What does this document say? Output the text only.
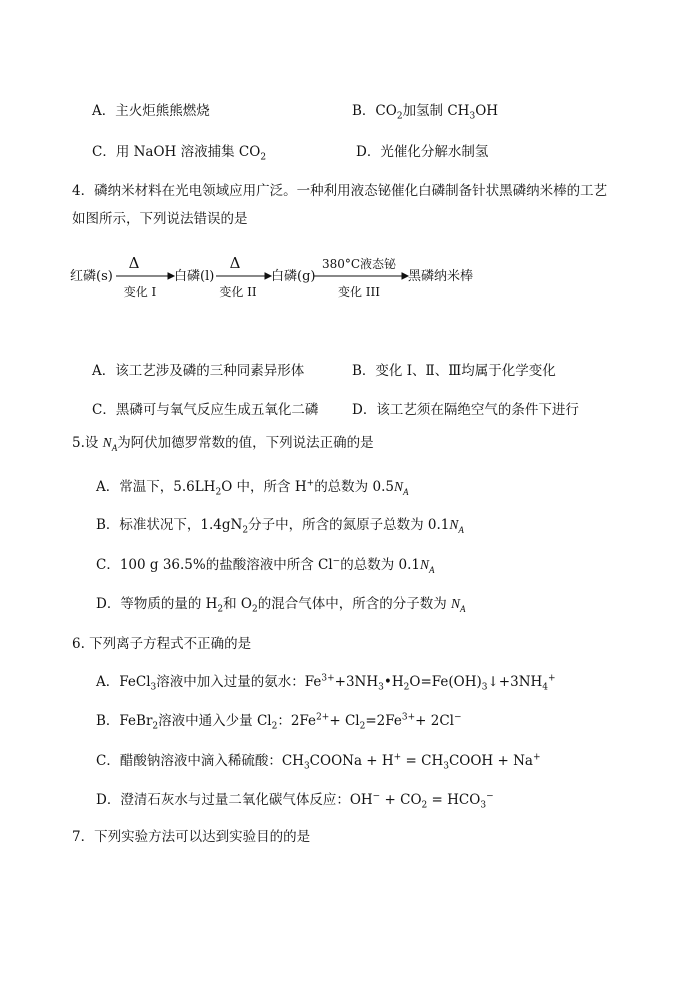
A．主火炬熊熊燃烧	B．$CO_2$加氢制 $CH_3OH$
C．用 NaOH 溶液捕集 $CO_2$	D．光催化分解水制氢
4．磷纳米材料在光电领域应用广泛。一种利用液态铋催化白磷制备针状黑磷纳米棒的工艺
如图所示，下列说法错误的是
红磷(s)	白磷(l)	白磷(g)	黑磷纳米棒
Δ
变化 I
Δ
变化 II
380°C液态铋
变化 III
A．该工艺涉及磷的三种同素异形体	B．变化 I、Ⅱ、Ⅲ均属于化学变化
C．黑磷可与氧气反应生成五氧化二磷 D．该工艺须在隔绝空气的条件下进行
5.设 $N_A$为阿伏加德罗常数的值，下列说法正确的是
A．常温下，$5.6LH_2O$ 中，所含 H+的总数为 $0.5N_A$
B．标准状况下，$1.4gN_2$分子中，所含的氮原子总数为 $0.1N_A$
C．100 g 36.5%的盐酸溶液中所含 Cl−的总数为 $0.1N_A$
D．等物质的量的 $H_2$和 $O_2$的混合气体中，所含的分子数为 $N_A$
6. 下列离子方程式不正确的是
A．FeCl$_3$溶液中加入过量的氨水：$Fe^{3+}+3NH_3•H_2O=Fe(OH)_3↓+3NH_4^+$
B．FeBr$_2$溶液中通入少量 $Cl_2$：$2Fe^{2+}+ Cl_2=2Fe^{3+}+ 2Cl^-$
C．醋酸钠溶液中滴入稀硫酸：$CH_3COONa + H^+$ = $CH_3COOH + Na^+$
D．澄清石灰水与过量二氧化碳气体反应：$OH^- + CO_2 = HCO_3^-$
7．下列实验方法可以达到实验目的的是
